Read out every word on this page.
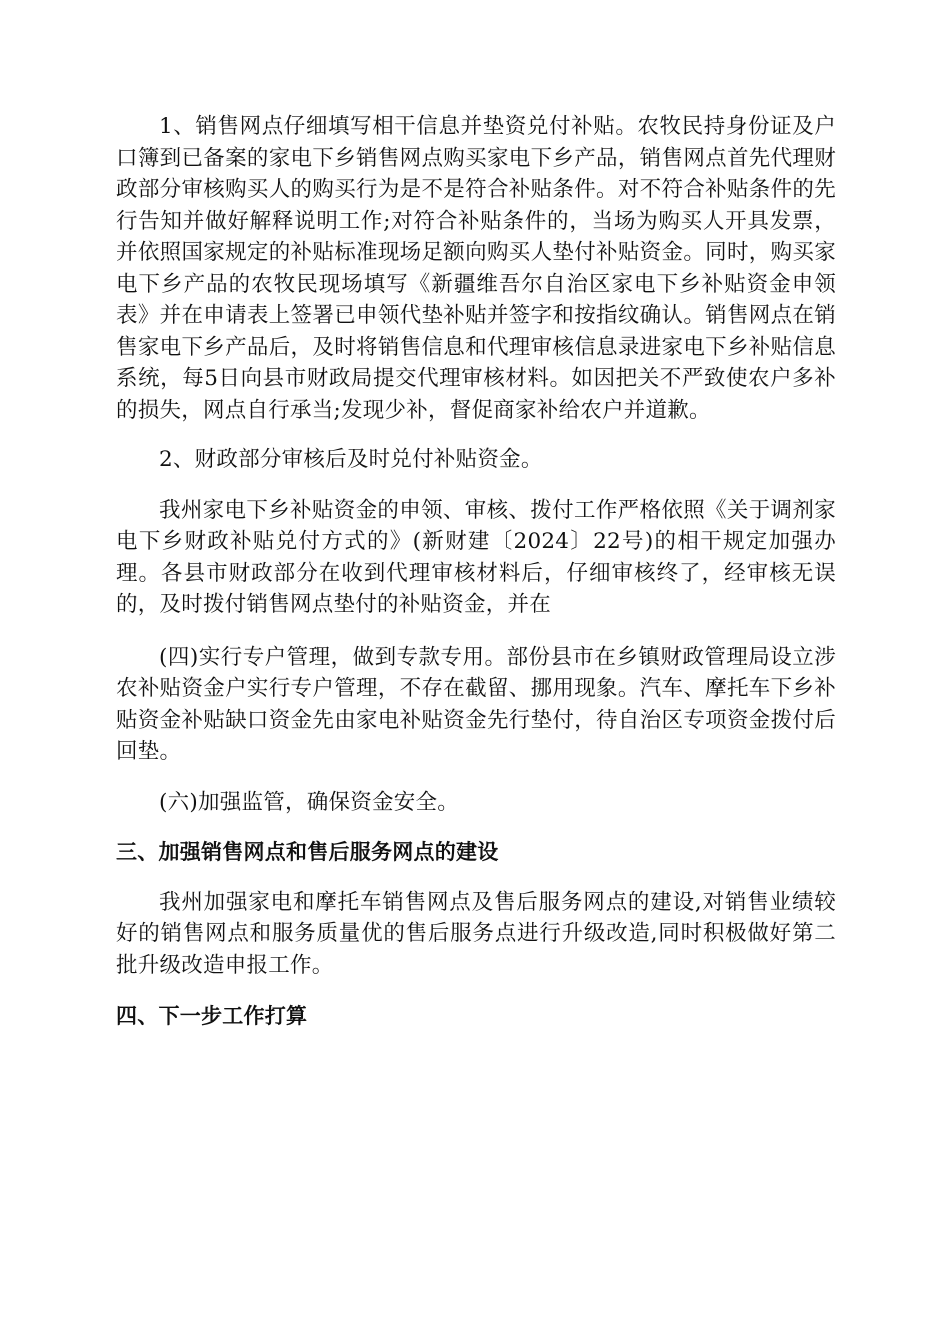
1、销售网点仔细填写相干信息并垫资兑付补贴。农牧民持身份证及户口簿到已备案的家电下乡销售网点购买家电下乡产品，销售网点首先代理财政部分审核购买人的购买行为是不是符合补贴条件。对不符合补贴条件的先行告知并做好解释说明工作;对符合补贴条件的，当场为购买人开具发票，并依照国家规定的补贴标准现场足额向购买人垫付补贴资金。同时，购买家电下乡产品的农牧民现场填写《新疆维吾尔自治区家电下乡补贴资金申领表》并在申请表上签署已申领代垫补贴并签字和按指纹确认。销售网点在销售家电下乡产品后，及时将销售信息和代理审核信息录进家电下乡补贴信息系统，每5日向县市财政局提交代理审核材料。如因把关不严致使农户多补的损失，网点自行承当;发现少补，督促商家补给农户并道歉。

2、财政部分审核后及时兑付补贴资金。

我州家电下乡补贴资金的申领、审核、拨付工作严格依照《关于调剂家电下乡财政补贴兑付方式的》(新财建〔2024〕22号)的相干规定加强办理。各县市财政部分在收到代理审核材料后，仔细审核终了，经审核无误的，及时拨付销售网点垫付的补贴资金，并在

(四)实行专户管理，做到专款专用。部份县市在乡镇财政管理局设立涉农补贴资金户实行专户管理，不存在截留、挪用现象。汽车、摩托车下乡补贴资金补贴缺口资金先由家电补贴资金先行垫付，待自治区专项资金拨付后回垫。

(六)加强监管，确保资金安全。

三、加强销售网点和售后服务网点的建设

我州加强家电和摩托车销售网点及售后服务网点的建设,对销售业绩较好的销售网点和服务质量优的售后服务点进行升级改造,同时积极做好第二批升级改造申报工作。

四、下一步工作打算
